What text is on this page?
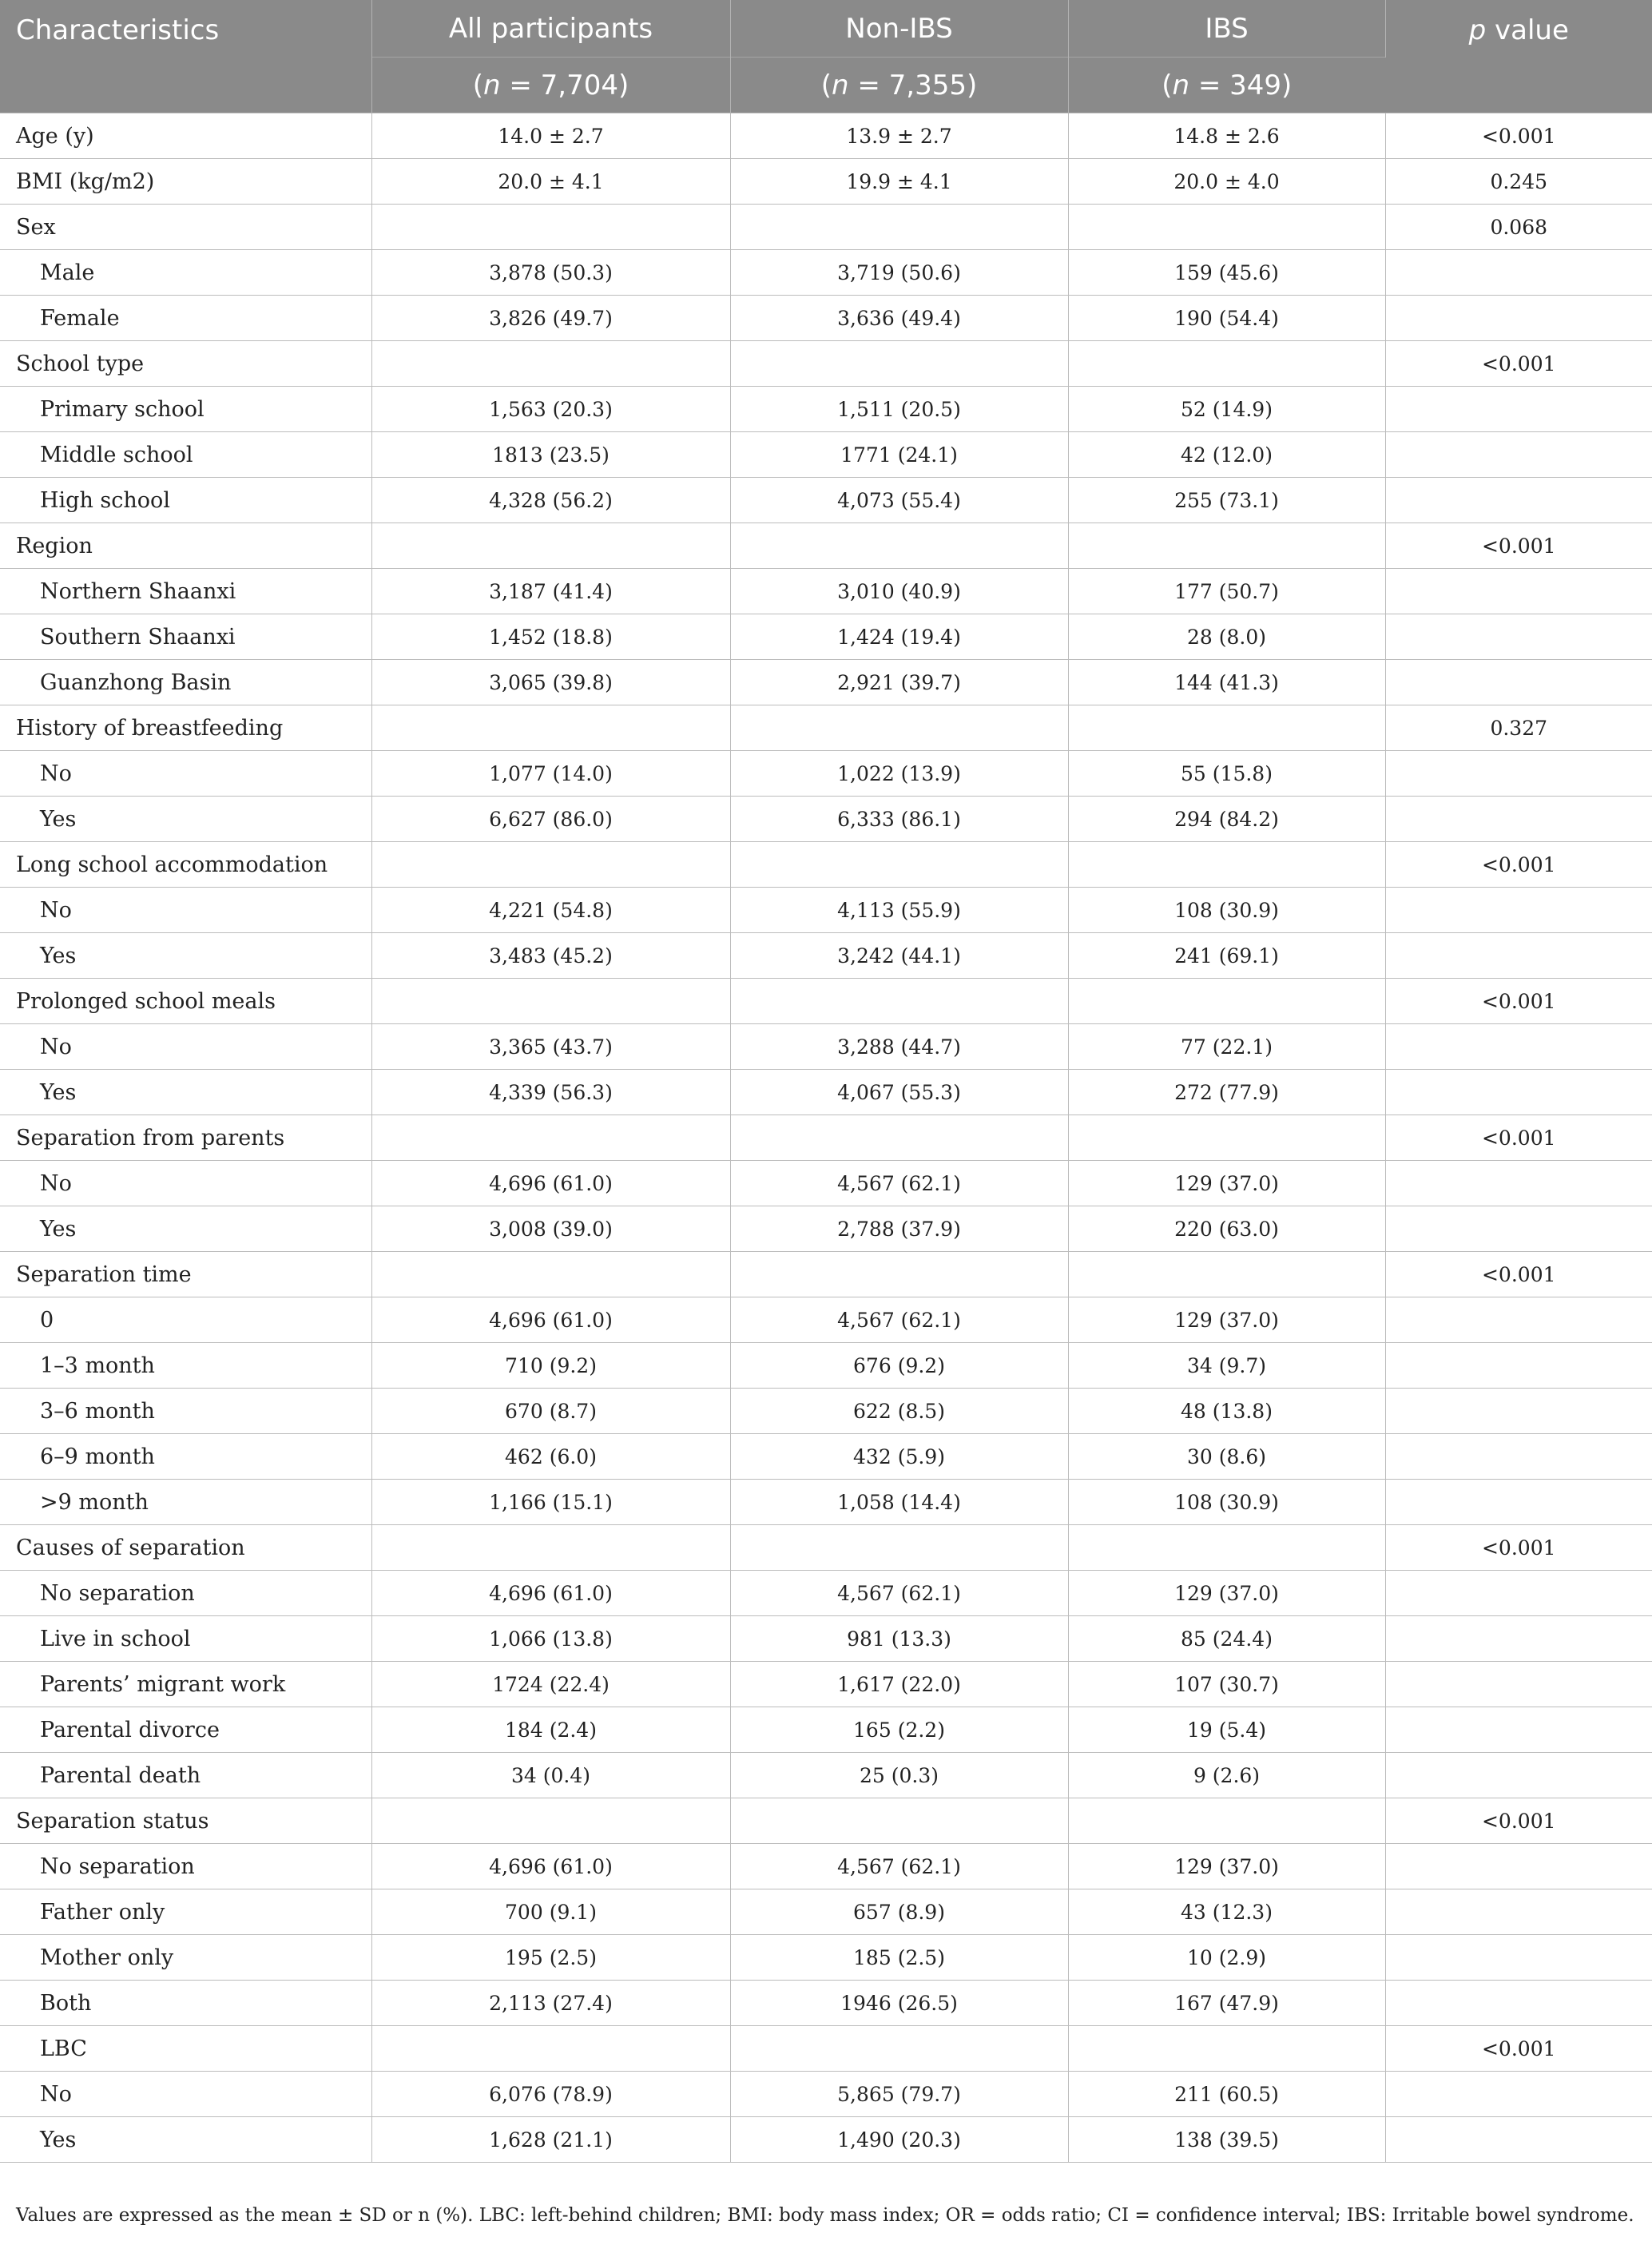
Characteristics	All participants	Non-IBS	IBS	p value
	(n = 7,704)	(n = 7,355)	(n = 349)	
Age (y)	14.0 ± 2.7	13.9 ± 2.7	14.8 ± 2.6	<0.001
BMI (kg/m2)	20.0 ± 4.1	19.9 ± 4.1	20.0 ± 4.0	0.245
Sex				0.068
Male	3,878 (50.3)	3,719 (50.6)	159 (45.6)	
Female	3,826 (49.7)	3,636 (49.4)	190 (54.4)	
School type				<0.001
Primary school	1,563 (20.3)	1,511 (20.5)	52 (14.9)	
Middle school	1813 (23.5)	1771 (24.1)	42 (12.0)	
High school	4,328 (56.2)	4,073 (55.4)	255 (73.1)	
Region				<0.001
Northern Shaanxi	3,187 (41.4)	3,010 (40.9)	177 (50.7)	
Southern Shaanxi	1,452 (18.8)	1,424 (19.4)	28 (8.0)	
Guanzhong Basin	3,065 (39.8)	2,921 (39.7)	144 (41.3)	
History of breastfeeding				0.327
No	1,077 (14.0)	1,022 (13.9)	55 (15.8)	
Yes	6,627 (86.0)	6,333 (86.1)	294 (84.2)	
Long school accommodation				<0.001
No	4,221 (54.8)	4,113 (55.9)	108 (30.9)	
Yes	3,483 (45.2)	3,242 (44.1)	241 (69.1)	
Prolonged school meals				<0.001
No	3,365 (43.7)	3,288 (44.7)	77 (22.1)	
Yes	4,339 (56.3)	4,067 (55.3)	272 (77.9)	
Separation from parents				<0.001
No	4,696 (61.0)	4,567 (62.1)	129 (37.0)	
Yes	3,008 (39.0)	2,788 (37.9)	220 (63.0)	
Separation time				<0.001
0	4,696 (61.0)	4,567 (62.1)	129 (37.0)	
1–3 month	710 (9.2)	676 (9.2)	34 (9.7)	
3–6 month	670 (8.7)	622 (8.5)	48 (13.8)	
6–9 month	462 (6.0)	432 (5.9)	30 (8.6)	
>9 month	1,166 (15.1)	1,058 (14.4)	108 (30.9)	
Causes of separation				<0.001
No separation	4,696 (61.0)	4,567 (62.1)	129 (37.0)	
Live in school	1,066 (13.8)	981 (13.3)	85 (24.4)	
Parents’ migrant work	1724 (22.4)	1,617 (22.0)	107 (30.7)	
Parental divorce	184 (2.4)	165 (2.2)	19 (5.4)	
Parental death	34 (0.4)	25 (0.3)	9 (2.6)	
Separation status				<0.001
No separation	4,696 (61.0)	4,567 (62.1)	129 (37.0)	
Father only	700 (9.1)	657 (8.9)	43 (12.3)	
Mother only	195 (2.5)	185 (2.5)	10 (2.9)	
Both	2,113 (27.4)	1946 (26.5)	167 (47.9)	
LBC				<0.001
No	6,076 (78.9)	5,865 (79.7)	211 (60.5)	
Yes	1,628 (21.1)	1,490 (20.3)	138 (39.5)	
Values are expressed as the mean ± SD or n (%). LBC: left-behind children; BMI: body mass index; OR = odds ratio; CI = confidence interval; IBS: Irritable bowel syndrome.
